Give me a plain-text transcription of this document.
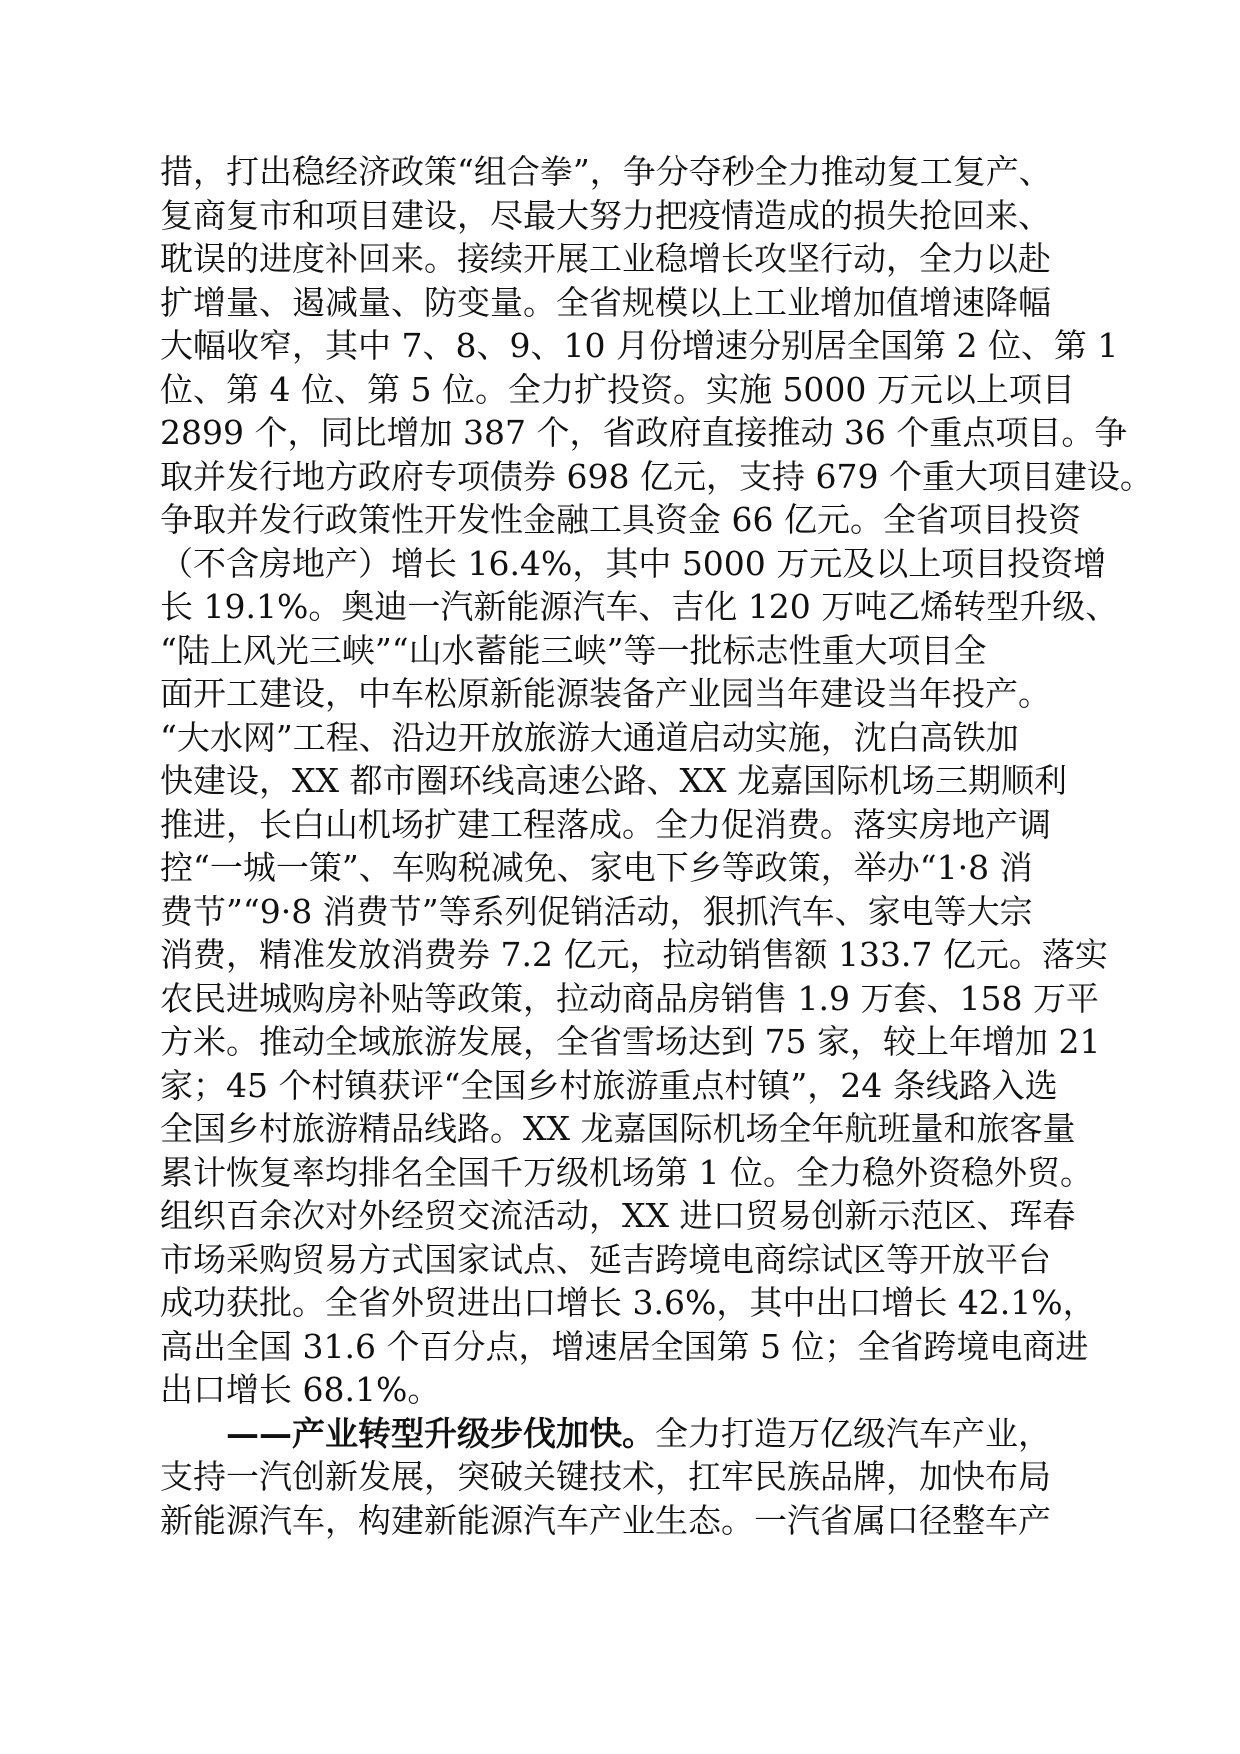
措，打出稳经济政策“组合拳”，争分夺秒全力推动复工复产、
复商复市和项目建设，尽最大努力把疫情造成的损失抢回来、
耽误的进度补回来。接续开展工业稳增长攻坚行动，全力以赴
扩增量、遏减量、防变量。全省规模以上工业增加值增速降幅
大幅收窄，其中 7、8、9、10 月份增速分别居全国第 2 位、第 1
位、第 4 位、第 5 位。全力扩投资。实施 5000 万元以上项目
2899 个，同比增加 387 个，省政府直接推动 36 个重点项目。争
取并发行地方政府专项债券 698 亿元，支持 679 个重大项目建设。
争取并发行政策性开发性金融工具资金 66 亿元。全省项目投资
（不含房地产）增长 16.4%，其中 5000 万元及以上项目投资增
长 19.1%。奥迪一汽新能源汽车、吉化 120 万吨乙烯转型升级、
“陆上风光三峡”“山水蓄能三峡”等一批标志性重大项目全
面开工建设，中车松原新能源装备产业园当年建设当年投产。
“大水网”工程、沿边开放旅游大通道启动实施，沈白高铁加
快建设，XX 都市圈环线高速公路、XX 龙嘉国际机场三期顺利
推进，长白山机场扩建工程落成。全力促消费。落实房地产调
控“一城一策”、车购税减免、家电下乡等政策，举办“1·8 消
费节”“9·8 消费节”等系列促销活动，狠抓汽车、家电等大宗
消费，精准发放消费券 7.2 亿元，拉动销售额 133.7 亿元。落实
农民进城购房补贴等政策，拉动商品房销售 1.9 万套、158 万平
方米。推动全域旅游发展，全省雪场达到 75 家，较上年增加 21
家；45 个村镇获评“全国乡村旅游重点村镇”，24 条线路入选
全国乡村旅游精品线路。XX 龙嘉国际机场全年航班量和旅客量
累计恢复率均排名全国千万级机场第 1 位。全力稳外资稳外贸。
组织百余次对外经贸交流活动，XX 进口贸易创新示范区、珲春
市场采购贸易方式国家试点、延吉跨境电商综试区等开放平台
成功获批。全省外贸进出口增长 3.6%，其中出口增长 42.1%，
高出全国 31.6 个百分点，增速居全国第 5 位；全省跨境电商进
出口增长 68.1%。
——产业转型升级步伐加快。全力打造万亿级汽车产业，
支持一汽创新发展，突破关键技术，扛牢民族品牌，加快布局
新能源汽车，构建新能源汽车产业生态。一汽省属口径整车产
